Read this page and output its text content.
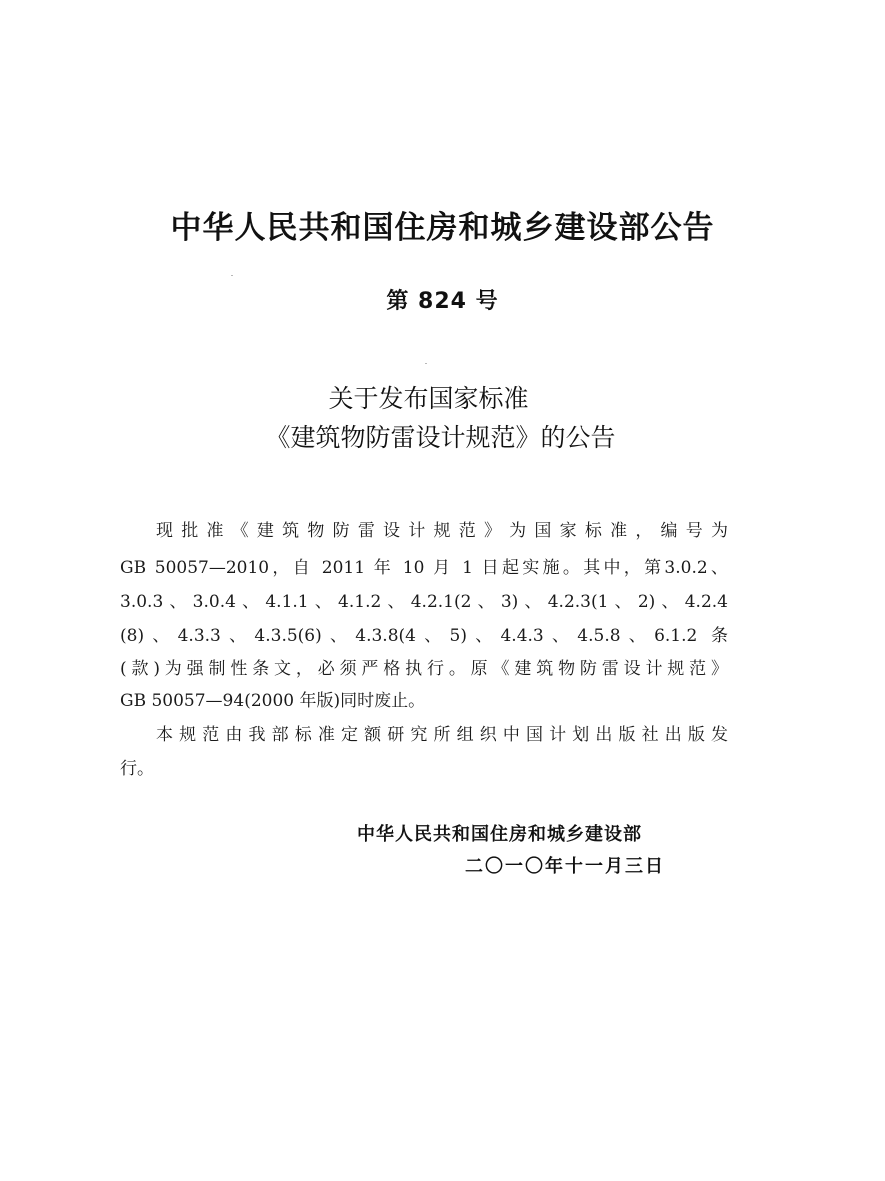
中华人民共和国住房和城乡建设部公告
第 824 号
关于发布国家标准
《建筑物防雷设计规范》的公告
现批准《建筑物防雷设计规范》为国家标准，编号为
GB 50057—2010，自 2011 年 10 月 1 日起实施。其中，第3.0.2、
3.0.3、3.0.4、4.1.1、4.1.2、4.2.1(2、3)、4.2.3(1、2)、4.2.4
(8)、4.3.3、4.3.5(6)、4.3.8(4、5)、4.4.3、4.5.8、6.1.2 条
(款)为强制性条文，必须严格执行。原《建筑物防雷设计规范》
GB 50057—94(2000 年版)同时废止。
本规范由我部标准定额研究所组织中国计划出版社出版发
行。
中华人民共和国住房和城乡建设部
二〇一〇年十一月三日
